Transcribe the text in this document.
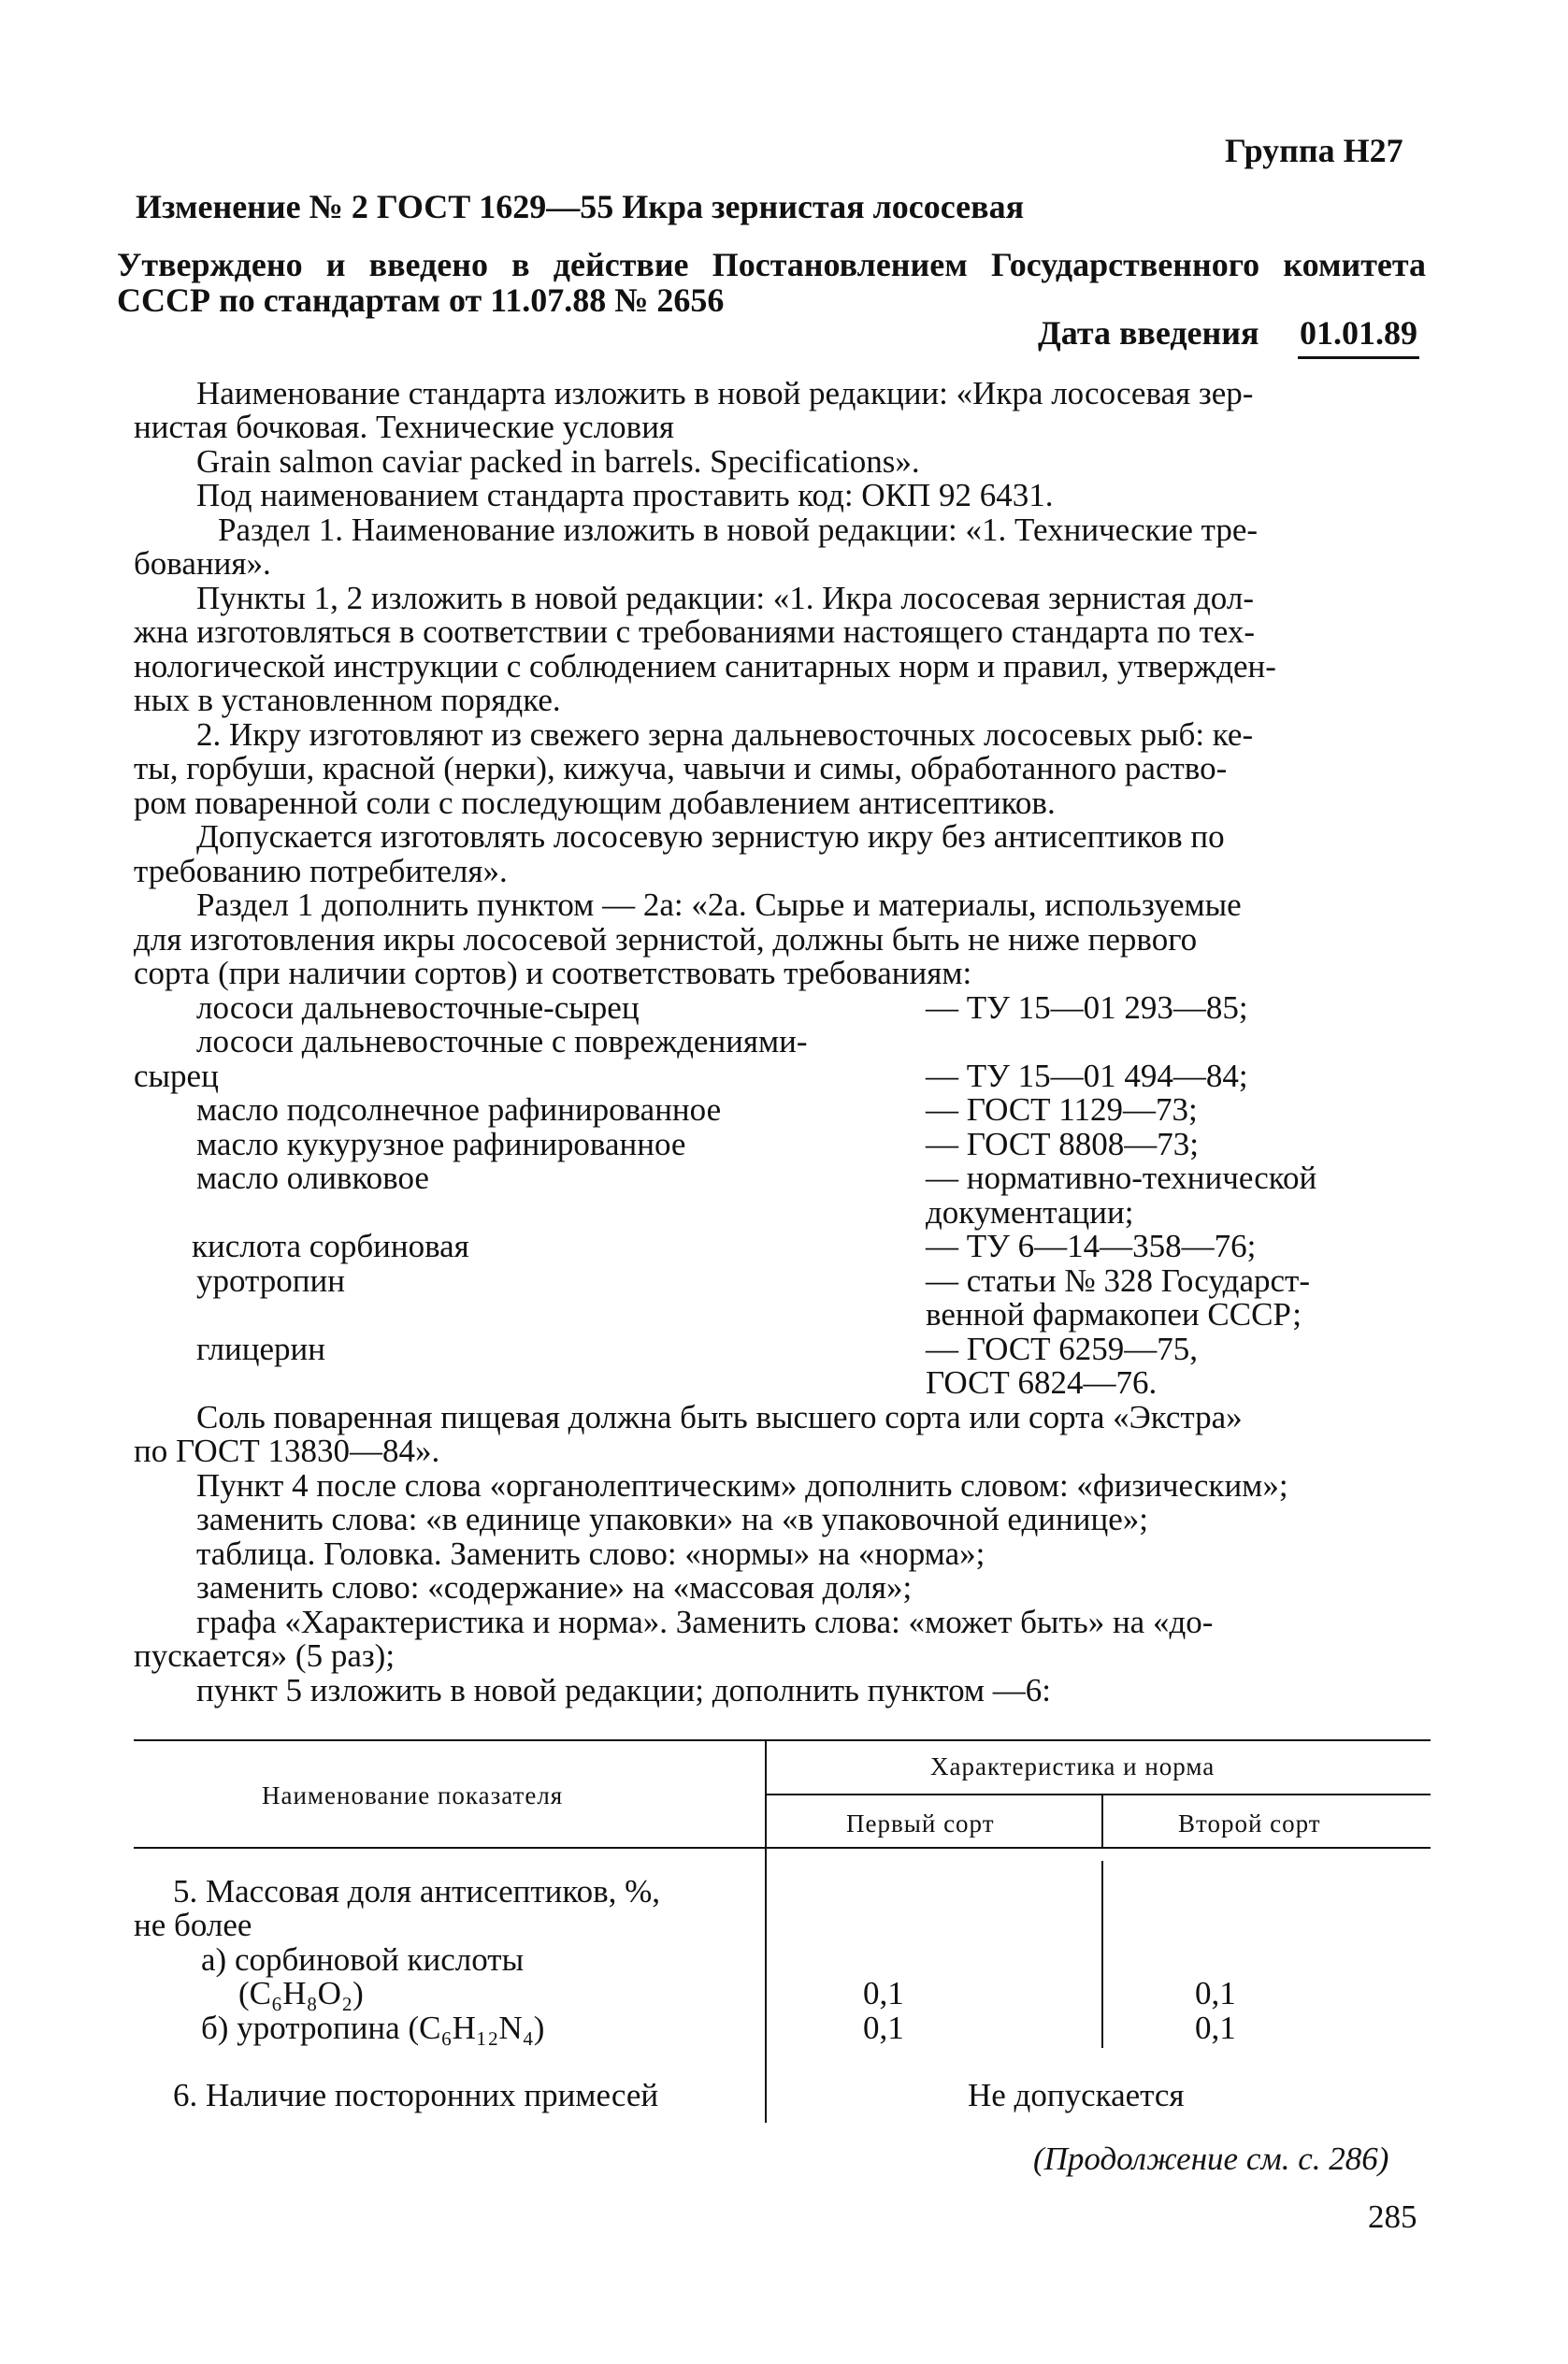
Группа Н27
Изменение № 2 ГОСТ 1629—55 Икра зернистая лососевая
Утверждено и введено в действие Постановлением Государственного комитета
СССР по стандартам от 11.07.88 № 2656
Дата введения 01.01.89
Наименование стандарта изложить в новой редакции: «Икра лососевая зер-
нистая бочковая. Технические условия
Grain salmon caviar packed in barrels. Specifications».
Под наименованием стандарта проставить код: ОКП 92 6431.
Раздел 1. Наименование изложить в новой редакции: «1. Технические тре-
бования».
Пункты 1, 2 изложить в новой редакции: «1. Икра лососевая зернистая дол-
жна изготовляться в соответствии с требованиями настоящего стандарта по тех-
нологической инструкции с соблюдением санитарных норм и правил, утвержден-
ных в установленном порядке.
2. Икру изготовляют из свежего зерна дальневосточных лососевых рыб: ке-
ты, горбуши, красной (нерки), кижуча, чавычи и симы, обработанного раство-
ром поваренной соли с последующим добавлением антисептиков.
Допускается изготовлять лососевую зернистую икру без антисептиков по
требованию потребителя».
Раздел 1 дополнить пунктом — 2а: «2а. Сырье и материалы, используемые
для изготовления икры лососевой зернистой, должны быть не ниже первого
сорта (при наличии сортов) и соответствовать требованиям:
лососи дальневосточные-сырец	— ТУ 15—01 293—85;
лососи дальневосточные с повреждениями-
сырец	— ТУ 15—01 494—84;
масло подсолнечное рафинированное	— ГОСТ 1129—73;
масло кукурузное рафинированное	— ГОСТ 8808—73;
масло оливковое	— нормативно-технической
документации;
кислота сорбиновая	— ТУ 6—14—358—76;
уротропин	— статьи № 328 Государст-
венной фармакопеи СССР;
глицерин	— ГОСТ 6259—75,
ГОСТ 6824—76.
Соль поваренная пищевая должна быть высшего сорта или сорта «Экстра»
по ГОСТ 13830—84».
Пункт 4 после слова «органолептическим» дополнить словом: «физическим»;
заменить слова: «в единице упаковки» на «в упаковочной единице»;
таблица. Головка. Заменить слово: «нормы» на «норма»;
заменить слово: «содержание» на «массовая доля»;
графа «Характеристика и норма». Заменить слова: «может быть» на «до-
пускается» (5 раз);
пункт 5 изложить в новой редакции; дополнить пунктом —6:
Наименование показателя
Характеристика и норма
Первый сорт	Второй сорт
5. Массовая доля антисептиков, %,
не более
а) сорбиновой кислоты
(C₆H₈O₂)	0,1	0,1
б) уротропина (C₆H₁₂N₄)	0,1	0,1
6. Наличие посторонних примесей	Не допускается
(Продолжение см. с. 286)
285
